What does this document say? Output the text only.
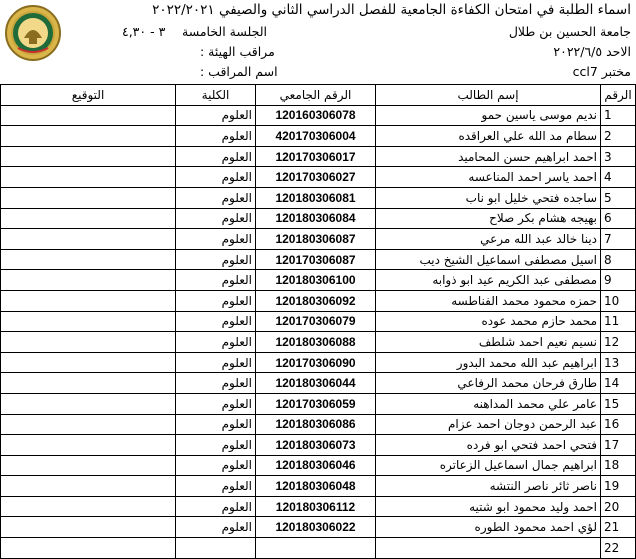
اسماء الطلبة في امتحان الكفاءة الجامعية للفصل الدراسي الثاني والصيفي ٢٠٢٢/٢٠٢١
جامعة الحسين بن طلال
الجلسة الخامسة
٣ - ٤,٣٠
الاحد ٢٠٢٢/٦/٥
مراقب الهيئة :
مختبر ccl7
اسم المراقب :
التوقيع	الكلية	الرقم الجامعي	إسم الطالب	الرقم
	العلوم	120160306078	نديم موسى ياسين حمو	1
	العلوم	420170306004	سطام مد الله علي العراقده	2
	العلوم	120170306017	احمد ابراهيم حسن المحاميد	3
	العلوم	120170306027	احمد ياسر احمد المناعسه	4
	العلوم	120180306081	ساجده فتحي خليل ابو ناب	5
	العلوم	120180306084	بهيجه هشام بكر صلاح	6
	العلوم	120180306087	دينا خالد عبد الله مرعي	7
	العلوم	120170306087	اسيل مصطفى اسماعيل الشيخ ديب	8
	العلوم	120180306100	مصطفى عبد الكريم عيد ابو ذوابه	9
	العلوم	120180306092	حمزه محمود محمد الفناطسه	10
	العلوم	120170306079	محمد حازم محمد عوده	11
	العلوم	120180306088	نسيم نعيم احمد شلطف	12
	العلوم	120170306090	ابراهيم عبد الله محمد البدور	13
	العلوم	120180306044	طارق فرحان محمد الرفاعي	14
	العلوم	120170306059	عامر علي محمد المداهنه	15
	العلوم	120180306086	عبد الرحمن دوجان احمد عزام	16
	العلوم	120180306073	فتحي احمد فتحي ابو فرده	17
	العلوم	120180306046	ابراهيم جمال اسماعيل الزعاتره	18
	العلوم	120180306048	ناصر ثائر ناصر النتشه	19
	العلوم	120180306112	احمد وليد محمود ابو شتيه	20
	العلوم	120180306022	لؤي احمد محمود الطوره	21
				22
